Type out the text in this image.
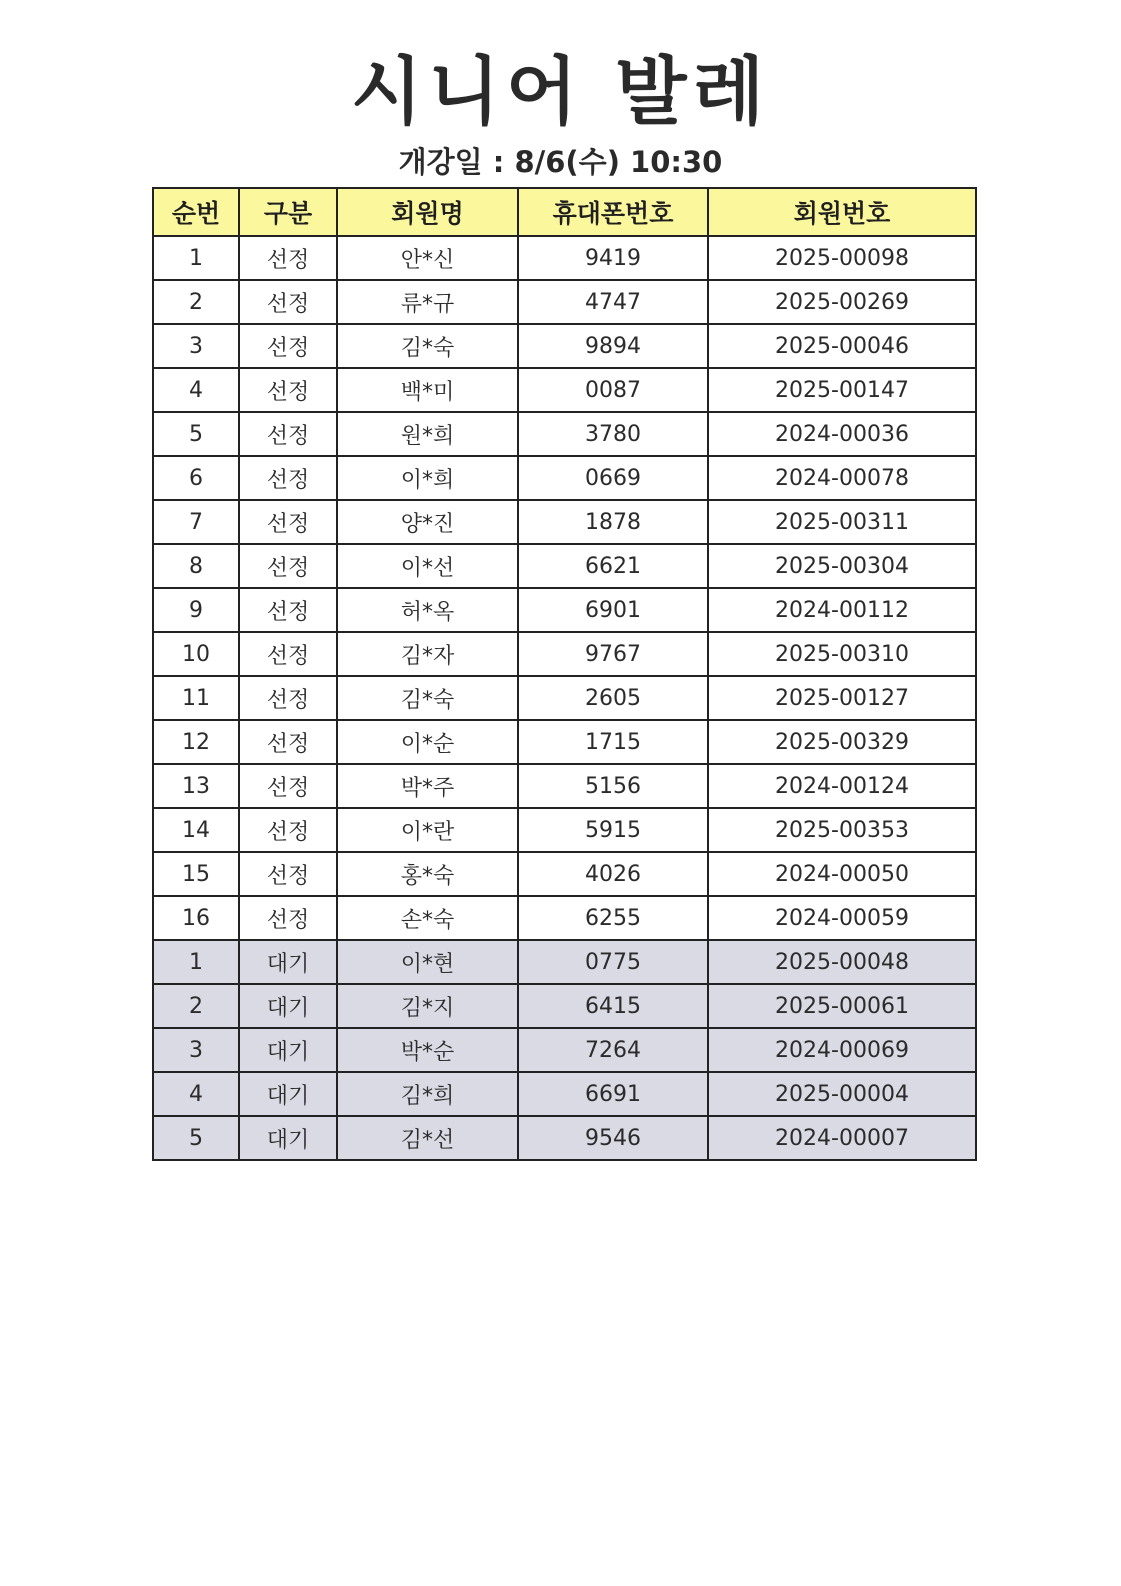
시니어 발레
개강일 : 8/6(수) 10:30
순번	구분	회원명	휴대폰번호	회원번호
1	선정	안*신	9419	2025-00098
2	선정	류*규	4747	2025-00269
3	선정	김*숙	9894	2025-00046
4	선정	백*미	0087	2025-00147
5	선정	원*희	3780	2024-00036
6	선정	이*희	0669	2024-00078
7	선정	양*진	1878	2025-00311
8	선정	이*선	6621	2025-00304
9	선정	허*옥	6901	2024-00112
10	선정	김*자	9767	2025-00310
11	선정	김*숙	2605	2025-00127
12	선정	이*순	1715	2025-00329
13	선정	박*주	5156	2024-00124
14	선정	이*란	5915	2025-00353
15	선정	홍*숙	4026	2024-00050
16	선정	손*숙	6255	2024-00059
1	대기	이*현	0775	2025-00048
2	대기	김*지	6415	2025-00061
3	대기	박*순	7264	2024-00069
4	대기	김*희	6691	2025-00004
5	대기	김*선	9546	2024-00007
